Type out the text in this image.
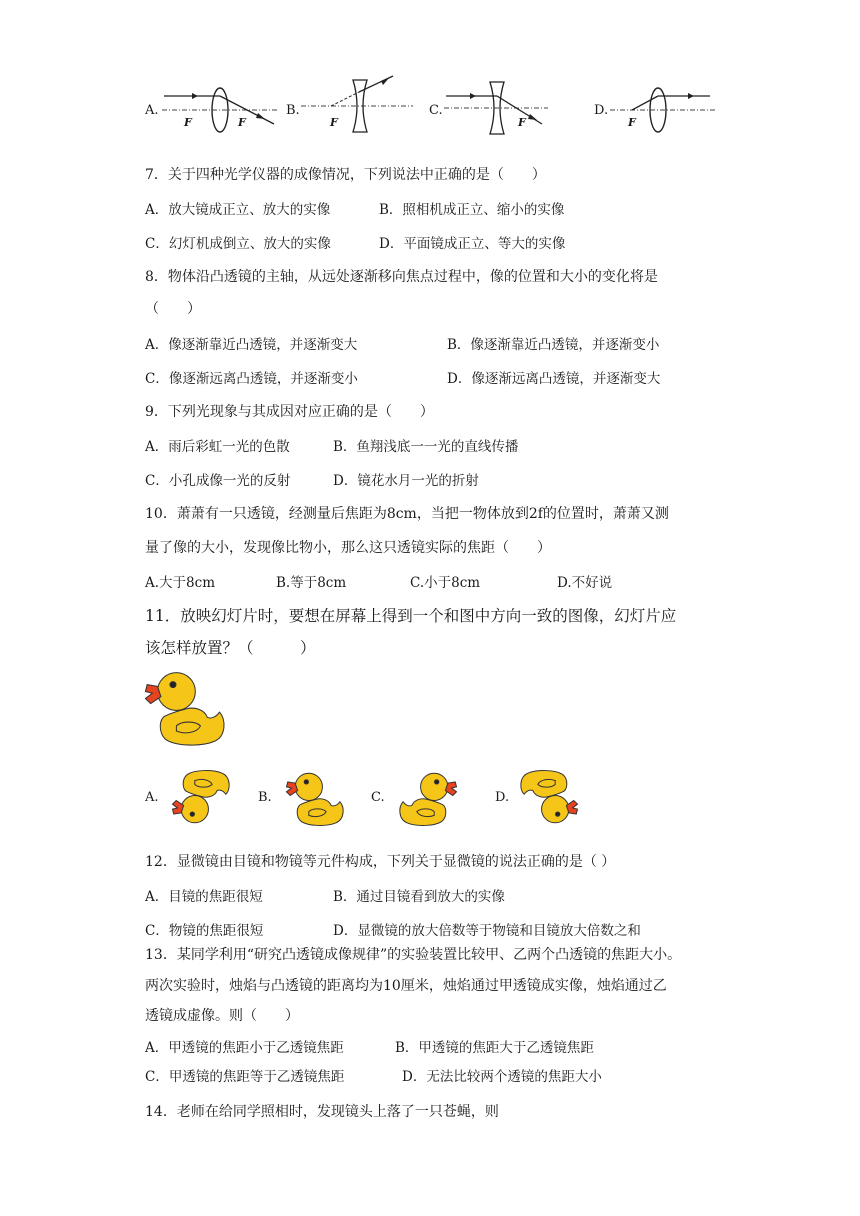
A.
F	F
B.
F
C.
F
D.
F
7．关于四种光学仪器的成像情况，下列说法中正确的是（　　）
A．放大镜成正立、放大的实像	B．照相机成正立、缩小的实像
C．幻灯机成倒立、放大的实像	D．平面镜成正立、等大的实像
8．物体沿凸透镜的主轴，从远处逐渐移向焦点过程中，像的位置和大小的变化将是
（　　）
A．像逐渐靠近凸透镜，并逐渐变大	B．像逐渐靠近凸透镜，并逐渐变小
C．像逐渐远离凸透镜，并逐渐变小	D．像逐渐远离凸透镜，并逐渐变大
9．下列光现象与其成因对应正确的是（　　）
A．雨后彩虹一光的色散	B．鱼翔浅底一一光的直线传播
C．小孔成像一光的反射	D．镜花水月一光的折射
10．萧萧有一只透镜，经测量后焦距为8cm，当把一物体放到2f的位置时，萧萧又测
量了像的大小，发现像比物小，那么这只透镜实际的焦距（　　）
A.大于8cm	B.等于8cm	C.小于8cm	D.不好说
11．放映幻灯片时，要想在屏幕上得到一个和图中方向一致的图像，幻灯片应
该怎样放置？（　　　）
A.	B.	C.	D.
12．显微镜由目镜和物镜等元件构成，下列关于显微镜的说法正确的是（ ）
A．目镜的焦距很短	B．通过目镜看到放大的实像
C．物镜的焦距很短	D．显微镜的放大倍数等于物镜和目镜放大倍数之和
13．某同学利用“研究凸透镜成像规律”的实验装置比较甲、乙两个凸透镜的焦距大小。
两次实验时，烛焰与凸透镜的距离均为10厘米，烛焰通过甲透镜成实像，烛焰通过乙
透镜成虚像。则（　　）
A．甲透镜的焦距小于乙透镜焦距	B．甲透镜的焦距大于乙透镜焦距
C．甲透镜的焦距等于乙透镜焦距	D．无法比较两个透镜的焦距大小
14．老师在给同学照相时，发现镜头上落了一只苍蝇，则
